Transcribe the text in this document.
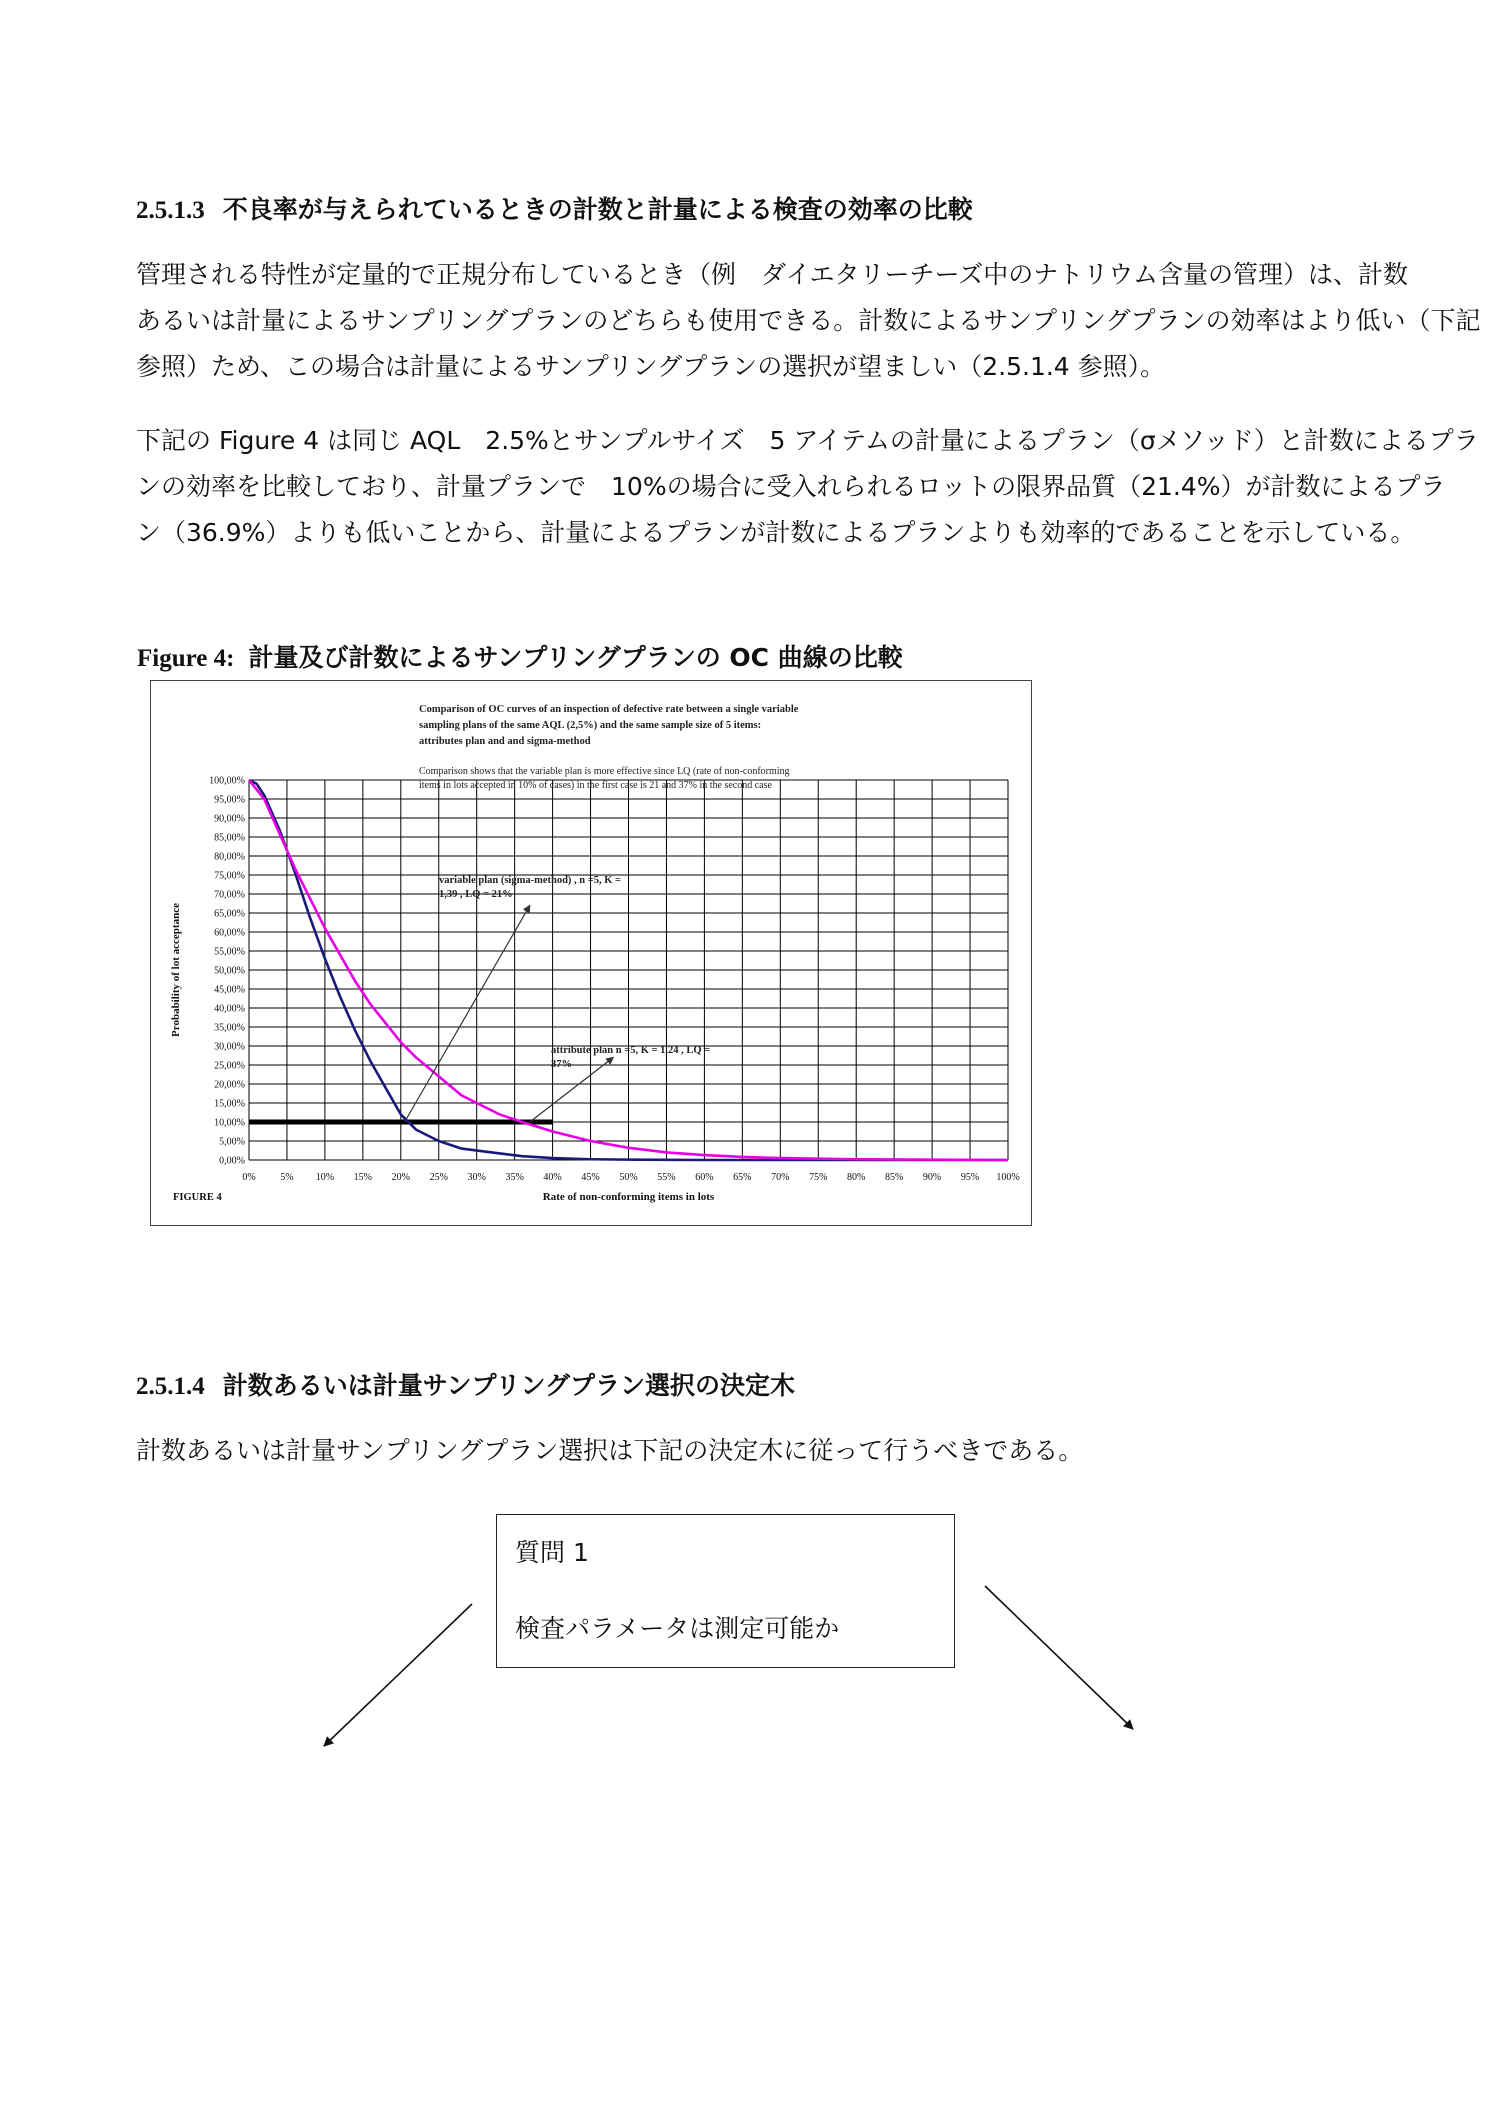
2.5.1.3 不良率が与えられているときの計数と計量による検査の効率の比較
管理される特性が定量的で正規分布しているとき（例　ダイエタリーチーズ中のナトリウム含量の管理）は、計数
あるいは計量によるサンプリングプランのどちらも使用できる。計数によるサンプリングプランの効率はより低い（下記
参照）ため、この場合は計量によるサンプリングプランの選択が望ましい（2.5.1.4 参照）。
下記の Figure 4 は同じ AQL　2.5%とサンプルサイズ　5 アイテムの計量によるプラン（σメソッド）と計数によるプラ
ンの効率を比較しており、計量プランで　10%の場合に受入れられるロットの限界品質（21.4%）が計数によるプラ
ン（36.9%）よりも低いことから、計量によるプランが計数によるプランよりも効率的であることを示している。
Figure 4: 計量及び計数によるサンプリングプランの OC 曲線の比較
0,00%
5,00%
10,00%
15,00%
20,00%
25,00%
30,00%
35,00%
40,00%
45,00%
50,00%
55,00%
60,00%
65,00%
70,00%
75,00%
80,00%
85,00%
90,00%
95,00%
100,00%
0% 5% 10% 15% 20% 25% 30% 35% 40% 45% 50% 55% 60% 65% 70% 75% 80% 85% 90% 95% 100%
variable plan (sigma-method) , n =5, K =
1,39 , LQ = 21%
attribute plan n =5, K = 1,24 , LQ =
37%
Comparison of OC curves of an inspection of defective rate between a single variable
sampling plans of the same AQL (2,5%) and the same sample size of 5 items:
attributes plan and and sigma-method
Comparison shows that the variable plan is more effective since LQ (rate of non-conforming
items in lots accepted in 10% of cases) in the first case is 21 and 37% in the second case
Rate of non-conforming items in lots
Probability of lot acceptance
FIGURE 4
2.5.1.4 計数あるいは計量サンプリングプラン選択の決定木
計数あるいは計量サンプリングプラン選択は下記の決定木に従って行うべきである。
質問 1
検査パラメータは測定可能か
